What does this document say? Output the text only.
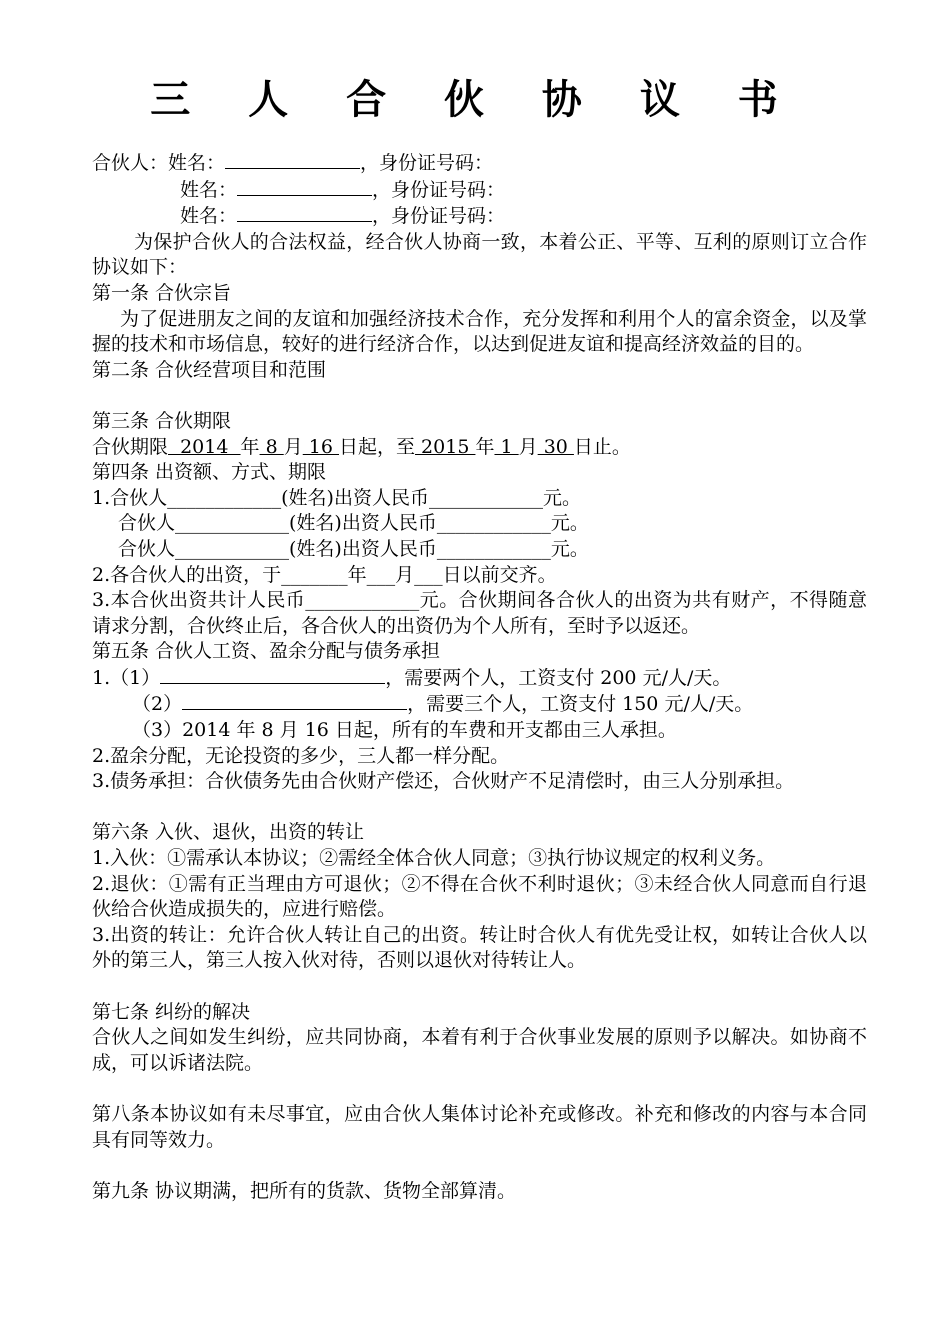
三 人 合 伙 协 议 书

合伙人：姓名：	，身份证号码：

姓名：	，身份证号码：

姓名：	，身份证号码：

为保护合伙人的合法权益，经合伙人协商一致，本着公正、平等、互利的原则订立合作协议如下：

第一条 合伙宗旨

为了促进朋友之间的友谊和加强经济技术合作，充分发挥和利用个人的富余资金，以及掌握的技术和市场信息，较好的进行经济合作，以达到促进友谊和提高经济效益的目的。

第二条 合伙经营项目和范围

第三条 合伙期限

合伙期限  2014  年 8 月 16 日起，至 2015 年 1 月 30 日止。

第四条 出资额、方式、期限

1.合伙人____________(姓名)出资人民币____________元。

合伙人____________(姓名)出资人民币____________元。

合伙人____________(姓名)出资人民币____________元。

2.各合伙人的出资，于_______年___月___日以前交齐。

3.本合伙出资共计人民币____________元。合伙期间各合伙人的出资为共有财产，不得随意请求分割，合伙终止后，各合伙人的出资仍为个人所有，至时予以返还。

第五条 合伙人工资、盈余分配与债务承担

1.（1）	，需要两个人，工资支付 200 元/人/天。

（2）	，需要三个人，工资支付 150 元/人/天。

（3）2014 年 8 月 16 日起，所有的车费和开支都由三人承担。

2.盈余分配，无论投资的多少，三人都一样分配。

3.债务承担：合伙债务先由合伙财产偿还，合伙财产不足清偿时，由三人分别承担。

第六条 入伙、退伙，出资的转让

1.入伙：①需承认本协议；②需经全体合伙人同意；③执行协议规定的权利义务。

2.退伙：①需有正当理由方可退伙；②不得在合伙不利时退伙；③未经合伙人同意而自行退伙给合伙造成损失的，应进行赔偿。

3.出资的转让：允许合伙人转让自己的出资。转让时合伙人有优先受让权，如转让合伙人以外的第三人，第三人按入伙对待，否则以退伙对待转让人。

第七条 纠纷的解决

合伙人之间如发生纠纷，应共同协商，本着有利于合伙事业发展的原则予以解决。如协商不成，可以诉诸法院。

第八条本协议如有未尽事宜，应由合伙人集体讨论补充或修改。补充和修改的内容与本合同具有同等效力。

第九条 协议期满，把所有的货款、货物全部算清。
